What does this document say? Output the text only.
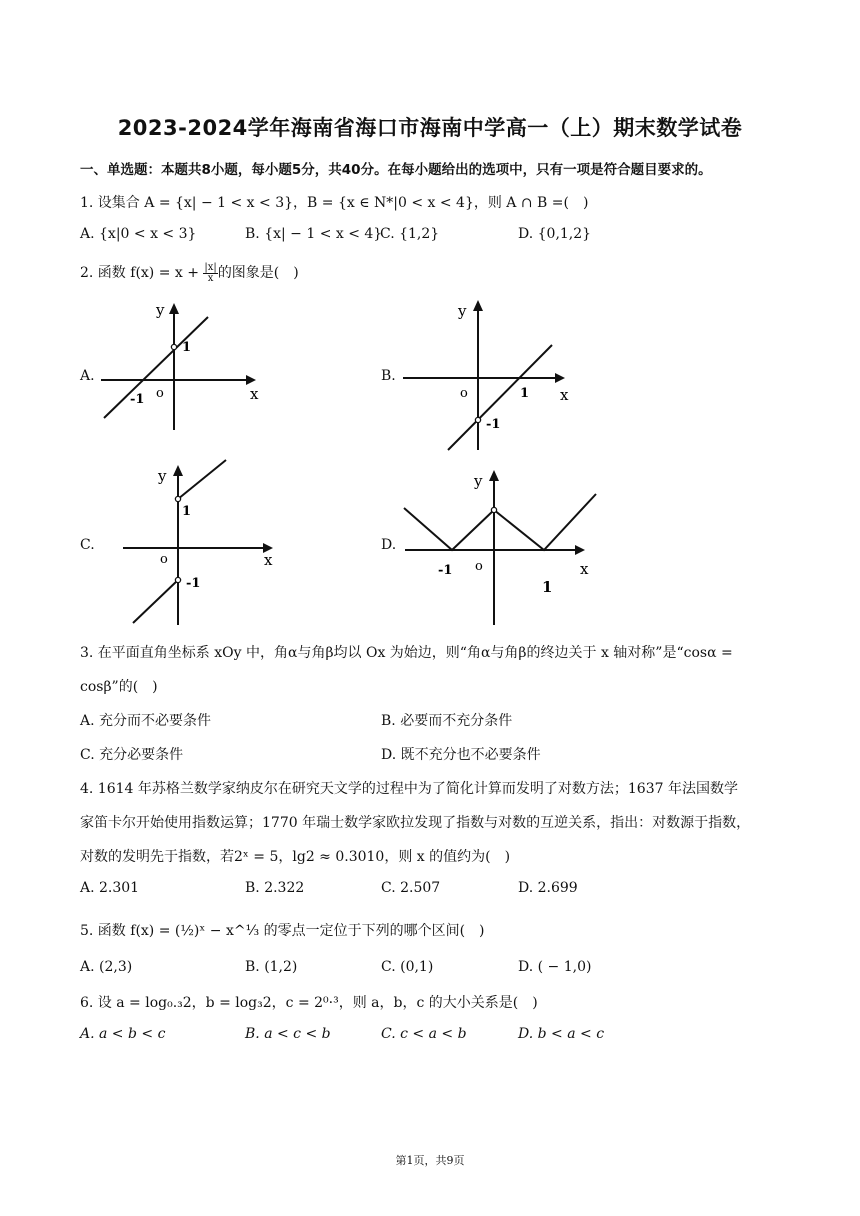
2023-2024学年海南省海口市海南中学高一（上）期末数学试卷
一、单选题：本题共8小题，每小题5分，共40分。在每小题给出的选项中，只有一项是符合题目要求的。
1. 设集合 A = {x| − 1 < x < 3}，B = {x ∈ N*|0 < x < 4}，则 A ∩ B =(　)
A. {x|0 < x < 3}	B. {x| − 1 < x < 4}
C. {1,2}	D. {0,1,2}
2. 函数 $f(x) = x + \frac{|x|}{x}$ 的图象是(　)
A.	B.
C.	D.
y
x
o
1
-1
y
x
o	1
-1
y
x
o
1
-1
y
x
o
1
-1
3. 在平面直角坐标系 xOy 中，角α与角β均以 Ox 为始边，则“角α与角β的终边关于 x 轴对称”是“cosα =
cosβ”的(　)
A. 充分而不必要条件	B. 必要而不充分条件
C. 充分必要条件	D. 既不充分也不必要条件
4. 1614 年苏格兰数学家纳皮尔在研究天文学的过程中为了简化计算而发明了对数方法；1637 年法国数学
家笛卡尔开始使用指数运算；1770 年瑞士数学家欧拉发现了指数与对数的互逆关系，指出：对数源于指数，
对数的发明先于指数，若2ˣ = 5，lg2 ≈ 0.3010，则 x 的值约为(　)
A. 2.301	B. 2.322	C. 2.507	D. 2.699
5. 函数 f(x) = (½)ˣ − x^⅓ 的零点一定位于下列的哪个区间(　)
A. (2,3)	B. (1,2)	C. (0,1)	D. ( − 1,0)
6. 设 a = log₀.₃2，b = log₃2，c = 2⁰·³，则 a，b，c 的大小关系是(　)
A. a < b < c	B. a < c < b	C. c < a < b	D. b < a < c
第1页，共9页
